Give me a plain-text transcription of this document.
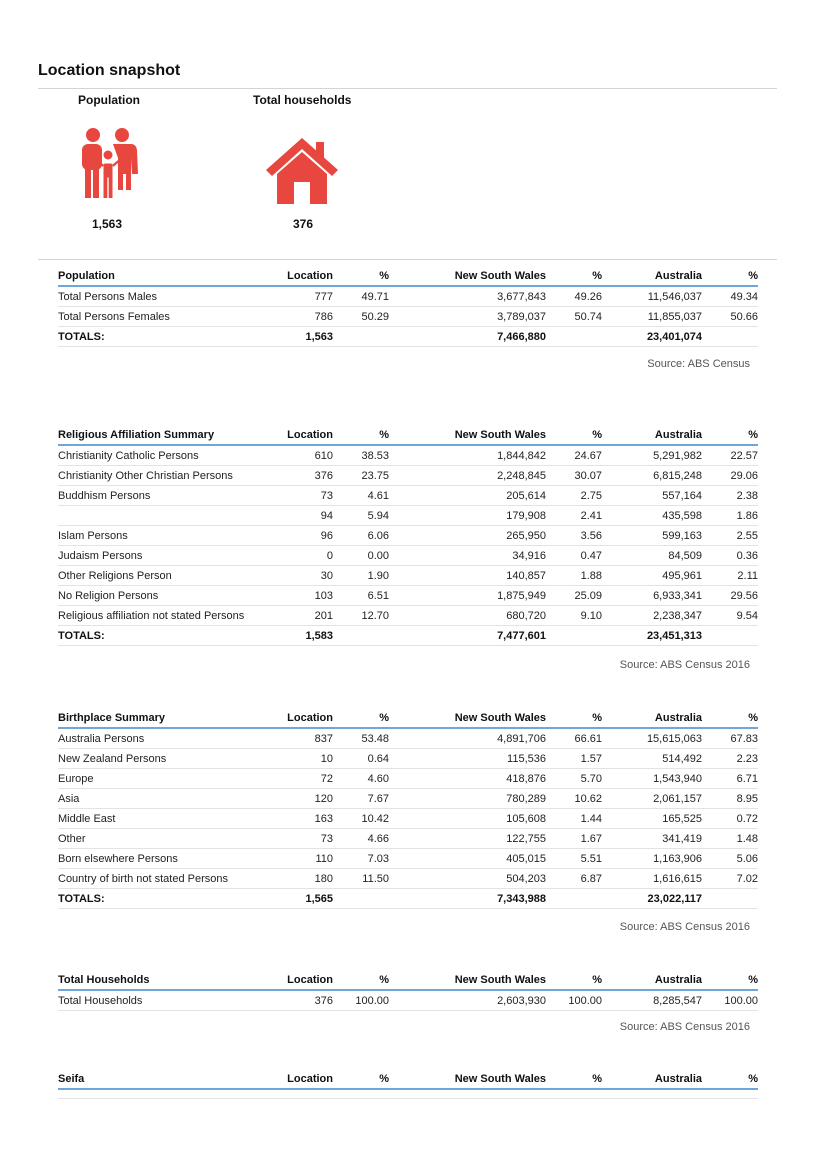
Location snapshot
Population
1,563
Total households
376
Population	Location	%	New South Wales	%	Australia	%
Total Persons Males	777	49.71	3,677,843	49.26	11,546,037	49.34
Total Persons Females	786	50.29	3,789,037	50.74	11,855,037	50.66
TOTALS:	1,563		7,466,880		23,401,074	
Source: ABS Census
Religious Affiliation Summary	Location	%	New South Wales	%	Australia	%
Christianity Catholic Persons	610	38.53	1,844,842	24.67	5,291,982	22.57
Christianity Other Christian Persons	376	23.75	2,248,845	30.07	6,815,248	29.06
Buddhism Persons	73	4.61	205,614	2.75	557,164	2.38
	94	5.94	179,908	2.41	435,598	1.86
Islam Persons	96	6.06	265,950	3.56	599,163	2.55
Judaism Persons	0	0.00	34,916	0.47	84,509	0.36
Other Religions Person	30	1.90	140,857	1.88	495,961	2.11
No Religion Persons	103	6.51	1,875,949	25.09	6,933,341	29.56
Religious affiliation not stated Persons	201	12.70	680,720	9.10	2,238,347	9.54
TOTALS:	1,583		7,477,601		23,451,313	
Source: ABS Census 2016
Birthplace Summary	Location	%	New South Wales	%	Australia	%
Australia Persons	837	53.48	4,891,706	66.61	15,615,063	67.83
New Zealand Persons	10	0.64	115,536	1.57	514,492	2.23
Europe	72	4.60	418,876	5.70	1,543,940	6.71
Asia	120	7.67	780,289	10.62	2,061,157	8.95
Middle East	163	10.42	105,608	1.44	165,525	0.72
Other	73	4.66	122,755	1.67	341,419	1.48
Born elsewhere Persons	110	7.03	405,015	5.51	1,163,906	5.06
Country of birth not stated Persons	180	11.50	504,203	6.87	1,616,615	7.02
TOTALS:	1,565		7,343,988		23,022,117	
Source: ABS Census 2016
Total Households	Location	%	New South Wales	%	Australia	%
Total Households	376	100.00	2,603,930	100.00	8,285,547	100.00
Source: ABS Census 2016
Seifa	Location	%	New South Wales	%	Australia	%
